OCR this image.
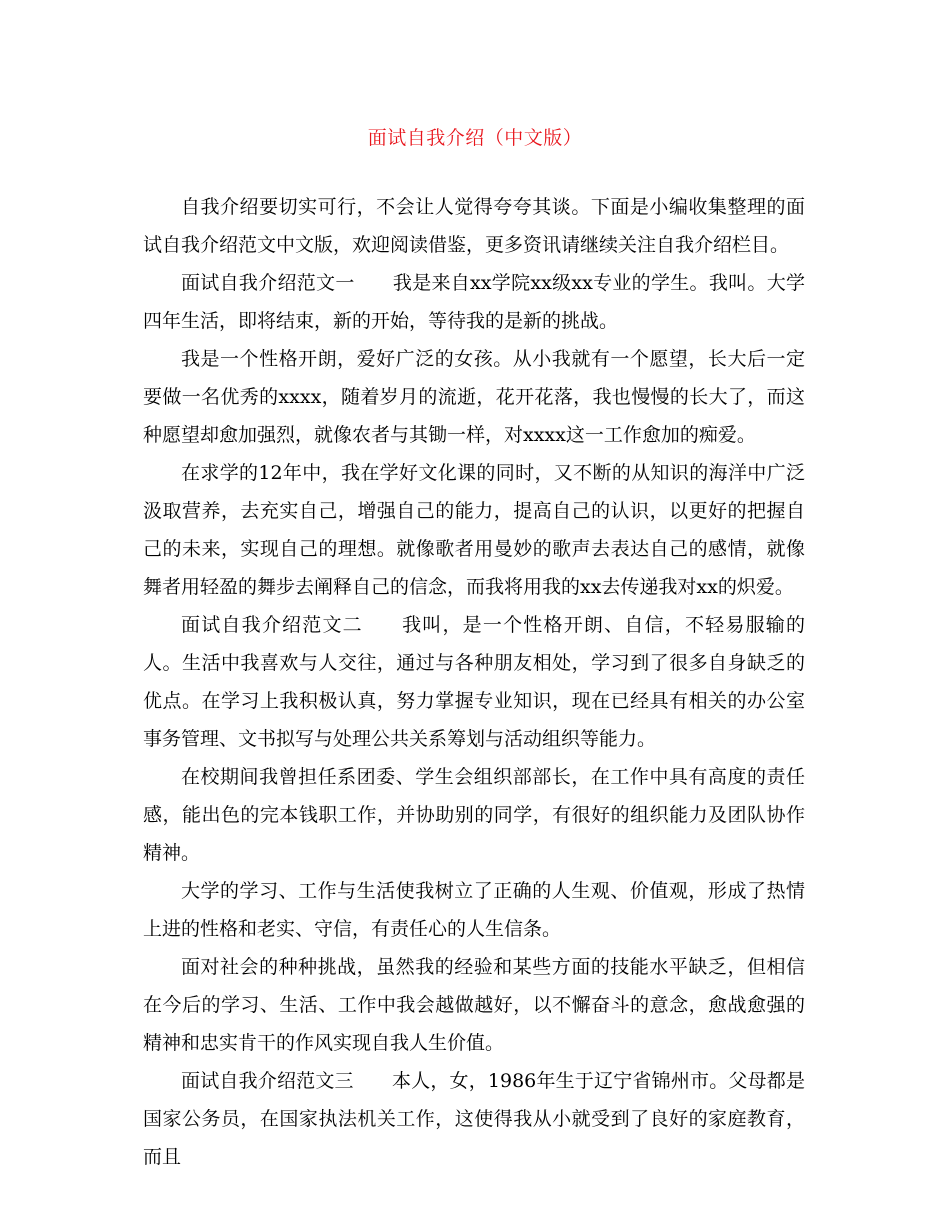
面试自我介绍（中文版）

自我介绍要切实可行，不会让人觉得夸夸其谈。下面是小编收集整理的面试自我介绍范文中文版，欢迎阅读借鉴，更多资讯请继续关注自我介绍栏目。

面试自我介绍范文一 我是来自xx学院xx级xx专业的学生。我叫。大学四年生活，即将结束，新的开始，等待我的是新的挑战。

我是一个性格开朗，爱好广泛的女孩。从小我就有一个愿望，长大后一定要做一名优秀的xxxx，随着岁月的流逝，花开花落，我也慢慢的长大了，而这种愿望却愈加强烈，就像农者与其锄一样，对xxxx这一工作愈加的痴爱。

在求学的12年中，我在学好文化课的同时，又不断的从知识的海洋中广泛汲取营养，去充实自己，增强自己的能力，提高自己的认识，以更好的把握自己的未来，实现自己的理想。就像歌者用曼妙的歌声去表达自己的感情，就像舞者用轻盈的舞步去阐释自己的信念，而我将用我的xx去传递我对xx的炽爱。

面试自我介绍范文二 我叫，是一个性格开朗、自信，不轻易服输的人。生活中我喜欢与人交往，通过与各种朋友相处，学习到了很多自身缺乏的优点。在学习上我积极认真，努力掌握专业知识，现在已经具有相关的办公室事务管理、文书拟写与处理公共关系筹划与活动组织等能力。

在校期间我曾担任系团委、学生会组织部部长，在工作中具有高度的责任感，能出色的完本钱职工作，并协助别的同学，有很好的组织能力及团队协作精神。

大学的学习、工作与生活使我树立了正确的人生观、价值观，形成了热情上进的性格和老实、守信，有责任心的人生信条。

面对社会的种种挑战，虽然我的经验和某些方面的技能水平缺乏，但相信在今后的学习、生活、工作中我会越做越好，以不懈奋斗的意念，愈战愈强的精神和忠实肯干的作风实现自我人生价值。

面试自我介绍范文三 本人，女，1986年生于辽宁省锦州市。父母都是国家公务员，在国家执法机关工作，这使得我从小就受到了良好的家庭教育，而且
